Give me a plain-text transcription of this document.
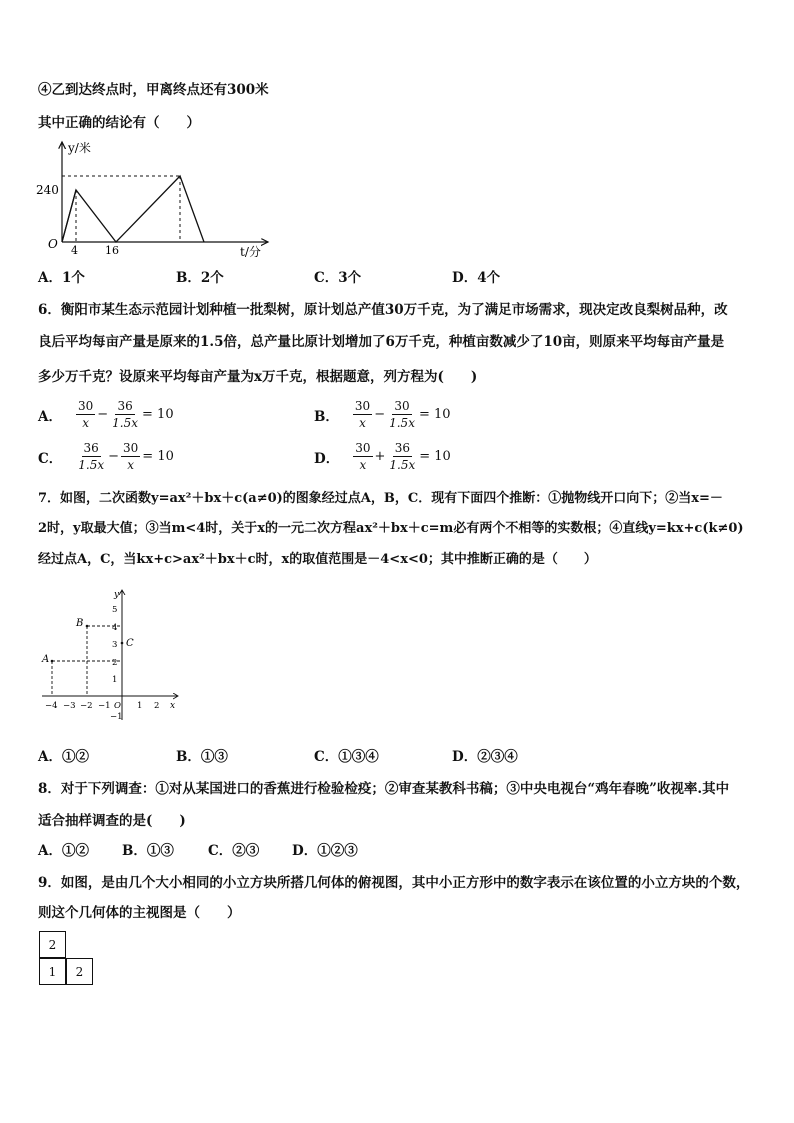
④乙到达终点时，甲离终点还有300米
其中正确的结论有（　　）
y/米
240
O 4 16	t/分
A．1个	B．2个	C．3个	D．4个
6．衡阳市某生态示范园计划种植一批梨树，原计划总产值30万千克，为了满足市场需求，现决定改良梨树品种，改
良后平均每亩产量是原来的1.5倍，总产量比原计划增加了6万千克，种植亩数减少了10亩，则原来平均每亩产量是
多少万千克？设原来平均每亩产量为x万千克，根据题意，列方程为(　　)
A．
30
x
− $\frac{36}{1.5x} = 10$	B．
30
x
− $\frac{30}{1.5x} = 10$
C．
36
1.5x
− $\frac{30}{x} = 10$	D．
30
x
+ $\frac{36}{1.5x} = 10$
7．如图，二次函数y=ax²＋bx＋c(a≠0)的图象经过点A，B，C．现有下面四个推断：①抛物线开口向下；②当x=－
2时，y取最大值；③当m<4时，关于x的一元二次方程ax²＋bx＋c=m必有两个不相等的实数根；④直线y=kx+c(k≠0)
经过点A，C，当kx+c>ax²＋bx＋c时，x的取值范围是－4<x<0；其中推断正确的是（　　）
y
x
A
B
C
5
4
3
2
1
−1
−4 −3 −2 −1 O 1 2
A．①②	B．①③	C．①③④	D．②③④
8．对于下列调查：①对从某国进口的香蕉进行检验检疫；②审查某教科书稿；③中央电视台“鸡年春晚”收视率.其中
适合抽样调查的是(　　)
A．①② B．①③	C．②③ D．①②③
9．如图，是由几个大小相同的小立方块所搭几何体的俯视图，其中小正方形中的数字表示在该位置的小立方块的个数，
则这个几何体的主视图是（　　）
2
1	2
